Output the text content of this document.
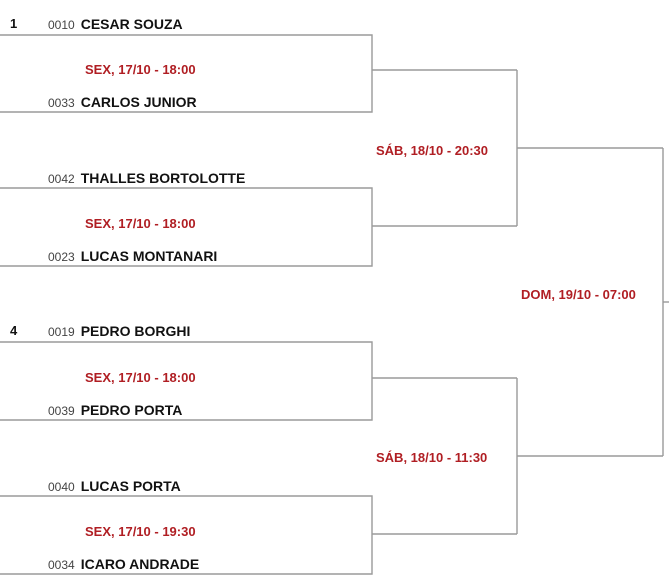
1	0010 CESAR SOUZA
SEX, 17/10 - 18:00
0033 CARLOS JUNIOR
0042 THALLES BORTOLOTTE
SEX, 17/10 - 18:00
0023 LUCAS MONTANARI
4	0019 PEDRO BORGHI
SEX, 17/10 - 18:00
0039 PEDRO PORTA
0040 LUCAS PORTA
SEX, 17/10 - 19:30
0034 ICARO ANDRADE
SÁB, 18/10 - 20:30
SÁB, 18/10 - 11:30
DOM, 19/10 - 07:00
